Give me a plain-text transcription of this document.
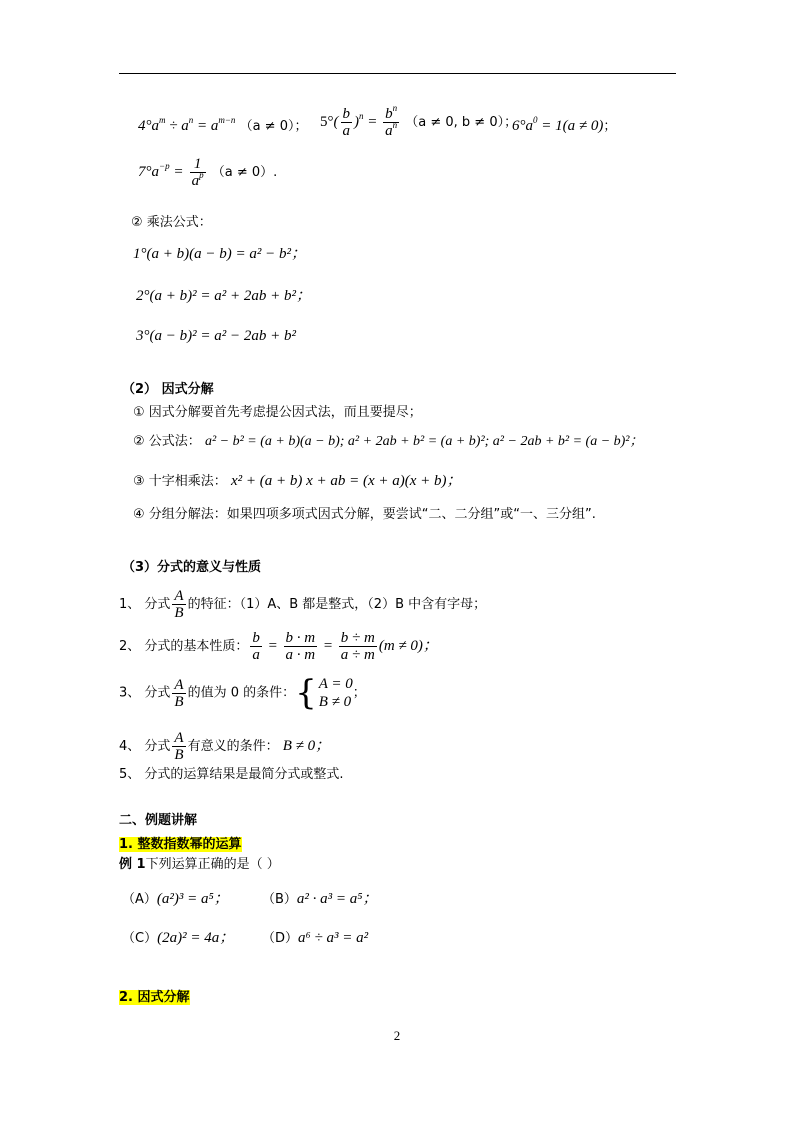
$4^\circ a^m \div a^n = a^{m-n}$ （a ≠ 0）； $5^\circ( \frac{b}{a} )^n = \frac{b^n}{a^n} (a \ne 0$, b ≠ 0）；
$6^\circ a^0 = 1(a \ne 0)$；
$7^\circ a^{-p} = \frac{1}{a^p} (a \ne 0)$.
② 乘法公式：
1°(a + b)(a − b) = a² − b²；
2°(a + b)² = a² + 2ab + b²；
3°(a − b)² = a² − 2ab + b²
（2） 因式分解
① 因式分解要首先考虑提公因式法，而且要提尽；
② 公式法： a² − b² = (a + b)(a − b); a² + 2ab + b² = (a + b)²; a² − 2ab + b² = (a − b)²；
③ 十字相乘法： x² + (a + b) x + ab = (x + a)(x + b)；
④ 分组分解法：如果四项多项式因式分解，要尝试“二、二分组”或“一、三分组”.
（3）分式的意义与性质
1、 分式 $\frac{A}{B}$ 的特征：（1）A、B 都是整式，（2）B 中含有字母；
2、 分式的基本性质： $\frac{b}{a} = \frac{b \cdot m}{a \cdot m} = \frac{b \div m}{a \div m} (m \ne 0)$；
3、 分式 $\frac{A}{B}$ 的值为 0 的条件：{ A = 0
B ≠ 0
；
4、 分式 $\frac{A}{B}$ 有意义的条件： B ≠ 0；
5、 分式的运算结果是最简分式或整式.
二、例题讲解
1. 整数指数幂的运算
例 1下列运算正确的是（ ）
（A）(a²)³ = a⁵；	（B）a² · a³ = a⁵；
（C）(2a)² = 4a； （D）a⁶ ÷ a³ = a²
2. 因式分解
2
